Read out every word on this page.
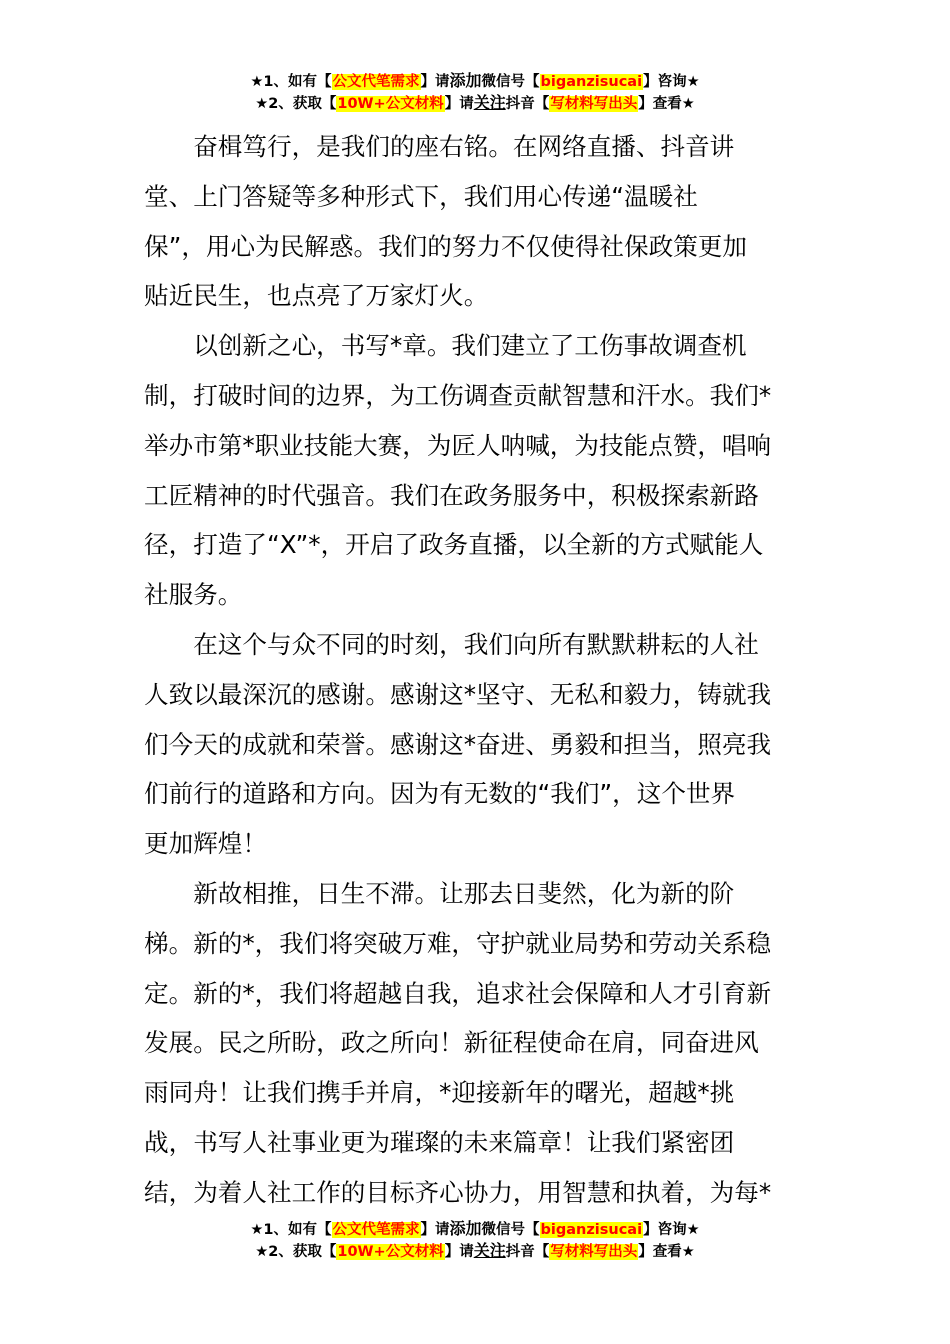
★1、如有【公文代笔需求】请添加微信号【biganzisucai】咨询★
★2、获取【10W+公文材料】请关注抖音【写材料写出头】查看★

奋楫笃行，是我们的座右铭。在网络直播、抖音讲
堂、上门答疑等多种形式下，我们用心传递“温暖社
保”，用心为民解惑。我们的努力不仅使得社保政策更加
贴近民生，也点亮了万家灯火。

以创新之心，书写*章。我们建立了工伤事故调查机
制，打破时间的边界，为工伤调查贡献智慧和汗水。我们*
举办市第*职业技能大赛，为匠人呐喊，为技能点赞，唱响
工匠精神的时代强音。我们在政务服务中，积极探索新路
径，打造了“X”*，开启了政务直播，以全新的方式赋能人
社服务。

在这个与众不同的时刻，我们向所有默默耕耘的人社
人致以最深沉的感谢。感谢这*坚守、无私和毅力，铸就我
们今天的成就和荣誉。感谢这*奋进、勇毅和担当，照亮我
们前行的道路和方向。因为有无数的“我们”，这个世界
更加辉煌！

新故相推，日生不滞。让那去日斐然，化为新的阶
梯。新的*，我们将突破万难，守护就业局势和劳动关系稳
定。新的*，我们将超越自我，追求社会保障和人才引育新
发展。民之所盼，政之所向！新征程使命在肩，同奋进风
雨同舟！让我们携手并肩，*迎接新年的曙光，超越*挑
战，书写人社事业更为璀璨的未来篇章！让我们紧密团
结，为着人社工作的目标齐心协力，用智慧和执着，为每*

★1、如有【公文代笔需求】请添加微信号【biganzisucai】咨询★
★2、获取【10W+公文材料】请关注抖音【写材料写出头】查看★
